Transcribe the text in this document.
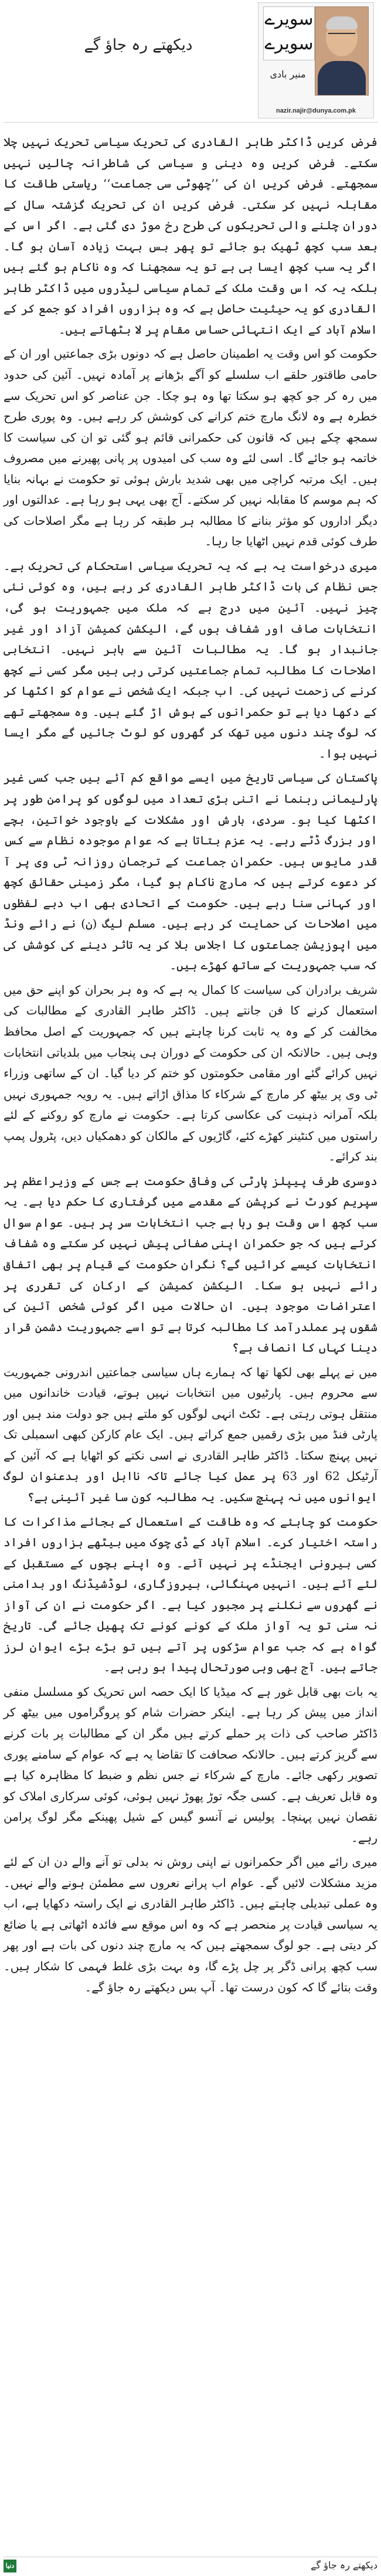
دیکھتے رہ جاؤ گے
سویرے
سویرے
منیر بادی
nazir.najir@dunya.com.pk

فرض کریں ڈاکٹر طاہر القادری کی تحریک سیاسی تحریک نہیں چلا سکتے۔ فرض کریں وہ دینی و سیاسی کی شاطرانہ چالیں نہیں سمجھتے۔ فرض کریں ان کی ’’چھوٹی سی جماعت‘‘ ریاستی طاقت کا مقابلہ نہیں کر سکتی۔ فرض کریں ان کی تحریک گزشتہ سال کے دوران چلنے والی تحریکوں کی طرح رخ موڑ دی گئی ہے۔ اگر اس کے بعد سب کچھ ٹھیک ہو جائے تو پھر بس بہت زیادہ آسان ہو گا۔ اگر یہ سب کچھ ایسا ہی ہے تو یہ سمجھنا کہ وہ ناکام ہو گئے ہیں بلکہ یہ کہ اس وقت ملک کے تمام سیاسی لیڈروں میں ڈاکٹر طاہر القادری کو یہ حیثیت حاصل ہے کہ وہ ہزاروں افراد کو جمع کر کے اسلام آباد کے ایک انتہائی حساس مقام پر لا بٹھاتے ہیں۔

حکومت کو اس وقت یہ اطمینان حاصل ہے کہ دونوں بڑی جماعتیں اور ان کے حامی طاقتور حلقے اب سلسلے کو آگے بڑھانے پر آمادہ نہیں۔ آئین کی حدود میں رہ کر جو کچھ ہو سکتا تھا وہ ہو چکا۔ جن عناصر کو اس تحریک سے خطرہ ہے وہ لانگ مارچ ختم کرانے کی کوشش کر رہے ہیں۔ وہ پوری طرح سمجھ چکے ہیں کہ قانون کی حکمرانی قائم ہو گئی تو ان کی سیاست کا خاتمہ ہو جائے گا۔ اسی لئے وہ سب کی امیدوں پر پانی پھیرنے میں مصروف ہیں۔ ایک مرتبہ کراچی میں بھی شدید بارش ہوئی تو حکومت نے بہانہ بنایا کہ ہم موسم کا مقابلہ نہیں کر سکتے۔ آج بھی یہی ہو رہا ہے۔ عدالتوں اور دیگر اداروں کو مؤثر بنانے کا مطالبہ ہر طبقہ کر رہا ہے مگر اصلاحات کی طرف کوئی قدم نہیں اٹھایا جا رہا۔

میری درخواست یہ ہے کہ یہ تحریک سیاسی استحکام کی تحریک ہے۔ جس نظام کی بات ڈاکٹر طاہر القادری کر رہے ہیں، وہ کوئی نئی چیز نہیں۔ آئین میں درج ہے کہ ملک میں جمہوریت ہو گی، انتخابات صاف اور شفاف ہوں گے، الیکشن کمیشن آزاد اور غیر جانبدار ہو گا۔ یہ مطالبات آئین سے باہر نہیں۔ انتخابی اصلاحات کا مطالبہ تمام جماعتیں کرتی رہی ہیں مگر کسی نے کچھ کرنے کی زحمت نہیں کی۔ اب جبکہ ایک شخص نے عوام کو اکٹھا کر کے دکھا دیا ہے تو حکمرانوں کے ہوش اڑ گئے ہیں۔ وہ سمجھتے تھے کہ لوگ چند دنوں میں تھک کر گھروں کو لوٹ جائیں گے مگر ایسا نہیں ہوا۔

پاکستان کی سیاسی تاریخ میں ایسے مواقع کم آئے ہیں جب کسی غیر پارلیمانی رہنما نے اتنی بڑی تعداد میں لوگوں کو پرامن طور پر اکٹھا کیا ہو۔ سردی، بارش اور مشکلات کے باوجود خواتین، بچے اور بزرگ ڈٹے رہے۔ یہ عزم بتاتا ہے کہ عوام موجودہ نظام سے کس قدر مایوس ہیں۔ حکمران جماعت کے ترجمان روزانہ ٹی وی پر آ کر دعوے کرتے ہیں کہ مارچ ناکام ہو گیا، مگر زمینی حقائق کچھ اور کہانی سنا رہے ہیں۔ حکومت کے اتحادی بھی اب دبے لفظوں میں اصلاحات کی حمایت کر رہے ہیں۔ مسلم لیگ (ن) نے رائے ونڈ میں اپوزیشن جماعتوں کا اجلاس بلا کر یہ تاثر دینے کی کوشش کی کہ سب جمہوریت کے ساتھ کھڑے ہیں۔

شریف برادران کی سیاست کا کمال یہ ہے کہ وہ ہر بحران کو اپنے حق میں استعمال کرنے کا فن جانتے ہیں۔ ڈاکٹر طاہر القادری کے مطالبات کی مخالفت کر کے وہ یہ ثابت کرنا چاہتے ہیں کہ جمہوریت کے اصل محافظ وہی ہیں۔ حالانکہ ان کی حکومت کے دوران ہی پنجاب میں بلدیاتی انتخابات نہیں کرائے گئے اور مقامی حکومتوں کو ختم کر دیا گیا۔ ان کے ساتھی وزراء ٹی وی پر بیٹھ کر مارچ کے شرکاء کا مذاق اڑاتے ہیں۔ یہ رویہ جمہوری نہیں بلکہ آمرانہ ذہنیت کی عکاسی کرتا ہے۔ حکومت نے مارچ کو روکنے کے لئے راستوں میں کنٹینر کھڑے کئے، گاڑیوں کے مالکان کو دھمکیاں دیں، پٹرول پمپ بند کرائے۔

دوسری طرف پیپلز پارٹی کی وفاقی حکومت ہے جس کے وزیراعظم پر سپریم کورٹ نے کرپشن کے مقدمے میں گرفتاری کا حکم دیا ہے۔ یہ سب کچھ اس وقت ہو رہا ہے جب انتخابات سر پر ہیں۔ عوام سوال کرتے ہیں کہ جو حکمران اپنی صفائی پیش نہیں کر سکتے وہ شفاف انتخابات کیسے کرائیں گے؟ نگران حکومت کے قیام پر بھی اتفاق رائے نہیں ہو سکا۔ الیکشن کمیشن کے ارکان کی تقرری پر اعتراضات موجود ہیں۔ ان حالات میں اگر کوئی شخص آئین کی شقوں پر عملدرآمد کا مطالبہ کرتا ہے تو اسے جمہوریت دشمن قرار دینا کہاں کا انصاف ہے؟

میں نے پہلے بھی لکھا تھا کہ ہمارے ہاں سیاسی جماعتیں اندرونی جمہوریت سے محروم ہیں۔ پارٹیوں میں انتخابات نہیں ہوتے، قیادت خاندانوں میں منتقل ہوتی رہتی ہے۔ ٹکٹ انہی لوگوں کو ملتے ہیں جو دولت مند ہیں اور پارٹی فنڈ میں بڑی رقمیں جمع کراتے ہیں۔ ایک عام کارکن کبھی اسمبلی تک نہیں پہنچ سکتا۔ ڈاکٹر طاہر القادری نے اسی نکتے کو اٹھایا ہے کہ آئین کے آرٹیکل 62 اور 63 پر عمل کیا جائے تاکہ نااہل اور بدعنوان لوگ ایوانوں میں نہ پہنچ سکیں۔ یہ مطالبہ کون سا غیر آئینی ہے؟

حکومت کو چاہئے کہ وہ طاقت کے استعمال کے بجائے مذاکرات کا راستہ اختیار کرے۔ اسلام آباد کے ڈی چوک میں بیٹھے ہزاروں افراد کسی بیرونی ایجنڈے پر نہیں آئے۔ وہ اپنے بچوں کے مستقبل کے لئے آئے ہیں۔ انہیں مہنگائی، بیروزگاری، لوڈشیڈنگ اور بدامنی نے گھروں سے نکلنے پر مجبور کیا ہے۔ اگر حکومت نے ان کی آواز نہ سنی تو یہ آواز ملک کے کونے کونے تک پھیل جائے گی۔ تاریخ گواہ ہے کہ جب عوام سڑکوں پر آتے ہیں تو بڑے بڑے ایوان لرز جاتے ہیں۔ آج بھی وہی صورتحال پیدا ہو رہی ہے۔

یہ بات بھی قابل غور ہے کہ میڈیا کا ایک حصہ اس تحریک کو مسلسل منفی انداز میں پیش کر رہا ہے۔ اینکر حضرات شام کو پروگراموں میں بیٹھ کر ڈاکٹر صاحب کی ذات پر حملے کرتے ہیں مگر ان کے مطالبات پر بات کرنے سے گریز کرتے ہیں۔ حالانکہ صحافت کا تقاضا یہ ہے کہ عوام کے سامنے پوری تصویر رکھی جائے۔ مارچ کے شرکاء نے جس نظم و ضبط کا مظاہرہ کیا ہے وہ قابل تعریف ہے۔ کسی جگہ توڑ پھوڑ نہیں ہوئی، کوئی سرکاری املاک کو نقصان نہیں پہنچا۔ پولیس نے آنسو گیس کے شیل پھینکے مگر لوگ پرامن رہے۔

میری رائے میں اگر حکمرانوں نے اپنی روش نہ بدلی تو آنے والے دن ان کے لئے مزید مشکلات لائیں گے۔ عوام اب پرانے نعروں سے مطمئن ہونے والے نہیں۔ وہ عملی تبدیلی چاہتے ہیں۔ ڈاکٹر طاہر القادری نے ایک راستہ دکھایا ہے، اب یہ سیاسی قیادت پر منحصر ہے کہ وہ اس موقع سے فائدہ اٹھاتی ہے یا ضائع کر دیتی ہے۔ جو لوگ سمجھتے ہیں کہ یہ مارچ چند دنوں کی بات ہے اور پھر سب کچھ پرانی ڈگر پر چل پڑے گا، وہ بہت بڑی غلط فہمی کا شکار ہیں۔ وقت بتائے گا کہ کون درست تھا۔ آپ بس دیکھتے رہ جاؤ گے۔

دیکھتے رہ جاؤ گے
دنیا
